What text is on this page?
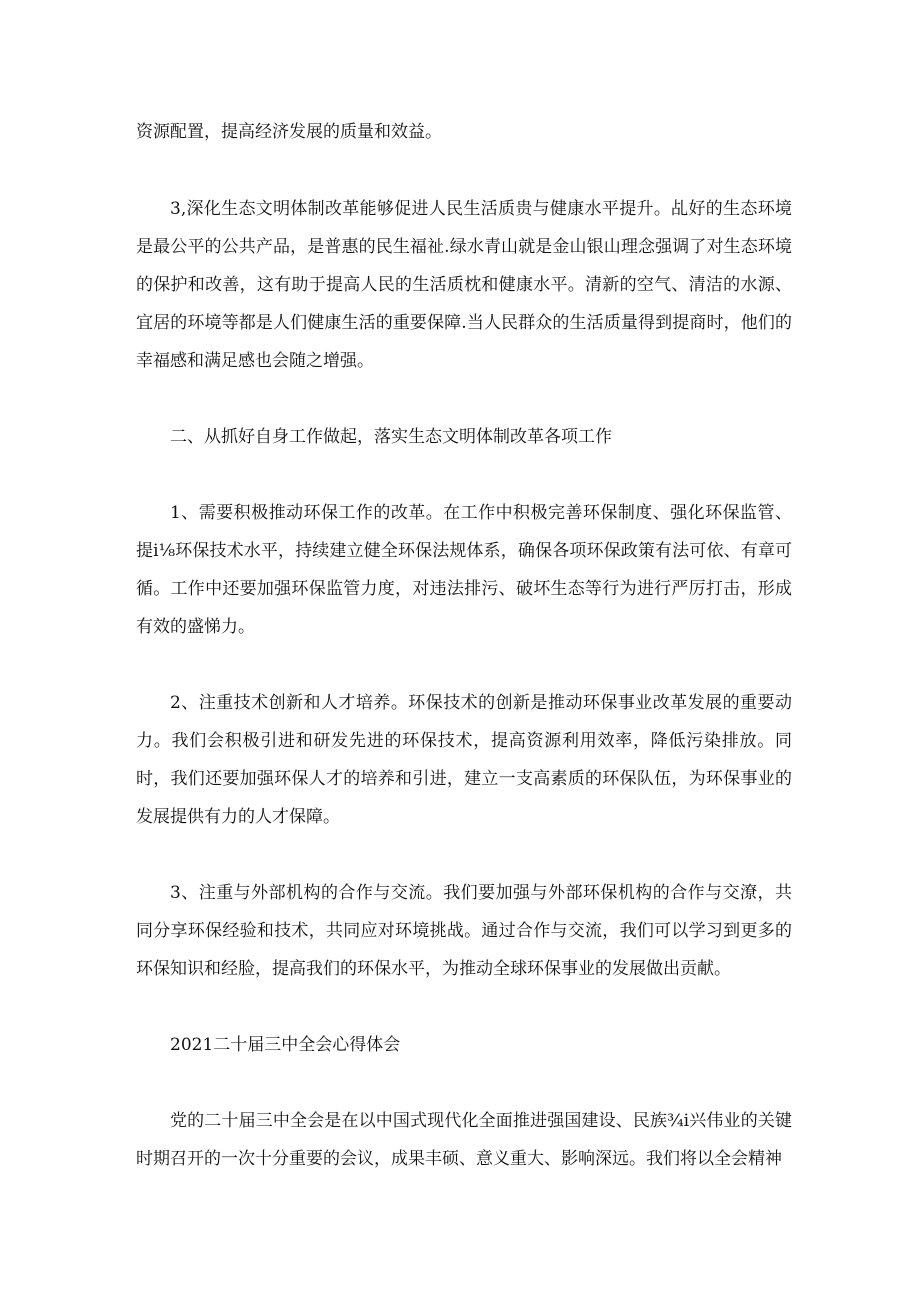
资源配置，提高经济发展的质量和效益。

3,深化生态文明体制改革能够促进人民生活质贵与健康水平提升。乩好的生态环境是最公平的公共产品，是普惠的民生福祉.绿水青山就是金山银山理念强调了对生态环境的保护和改善，这有助于提高人民的生活质枕和健康水平。清新的空气、清洁的水源、宜居的环境等都是人们健康生活的重要保障.当人民群众的生活质量得到提商时，他们的幸福感和满足感也会随之增强。

二、从抓好自身工作做起，落实生态文明体制改革各项工作

1、需要积极推动环保工作的改革。在工作中积极完善环保制度、强化环保监管、提i⅛环保技术水平，持续建立健全环保法规体系，确保各项环保政策有法可依、有章可循。工作中还要加强环保监管力度，对违法排污、破坏生态等行为进行严厉打击，形成有效的盛悌力。

2、注重技术创新和人才培养。环保技术的创新是推动环保事业改革发展的重要动力。我们会积极引进和研发先进的环保技术，提高资源利用效率，降低污染排放。同时，我们还要加强环保人才的培养和引进，建立一支高素质的环保队伍，为环保事业的发展提供有力的人才保障。

3、注重与外部机构的合作与交流。我们要加强与外部环保机构的合作与交潦，共同分享环保经验和技术，共同应对环境挑战。通过合作与交流，我们可以学习到更多的环保知识和经脸，提高我们的环保水平，为推动全球环保事业的发展做出贡献。

2021二十届三中全会心得体会

党的二十届三中全会是在以中国式现代化全面推进强国建设、民族¾i兴伟业的关键时期召开的一次十分重要的会议，成果丰硕、意义重大、影响深远。我们将以全会精神
